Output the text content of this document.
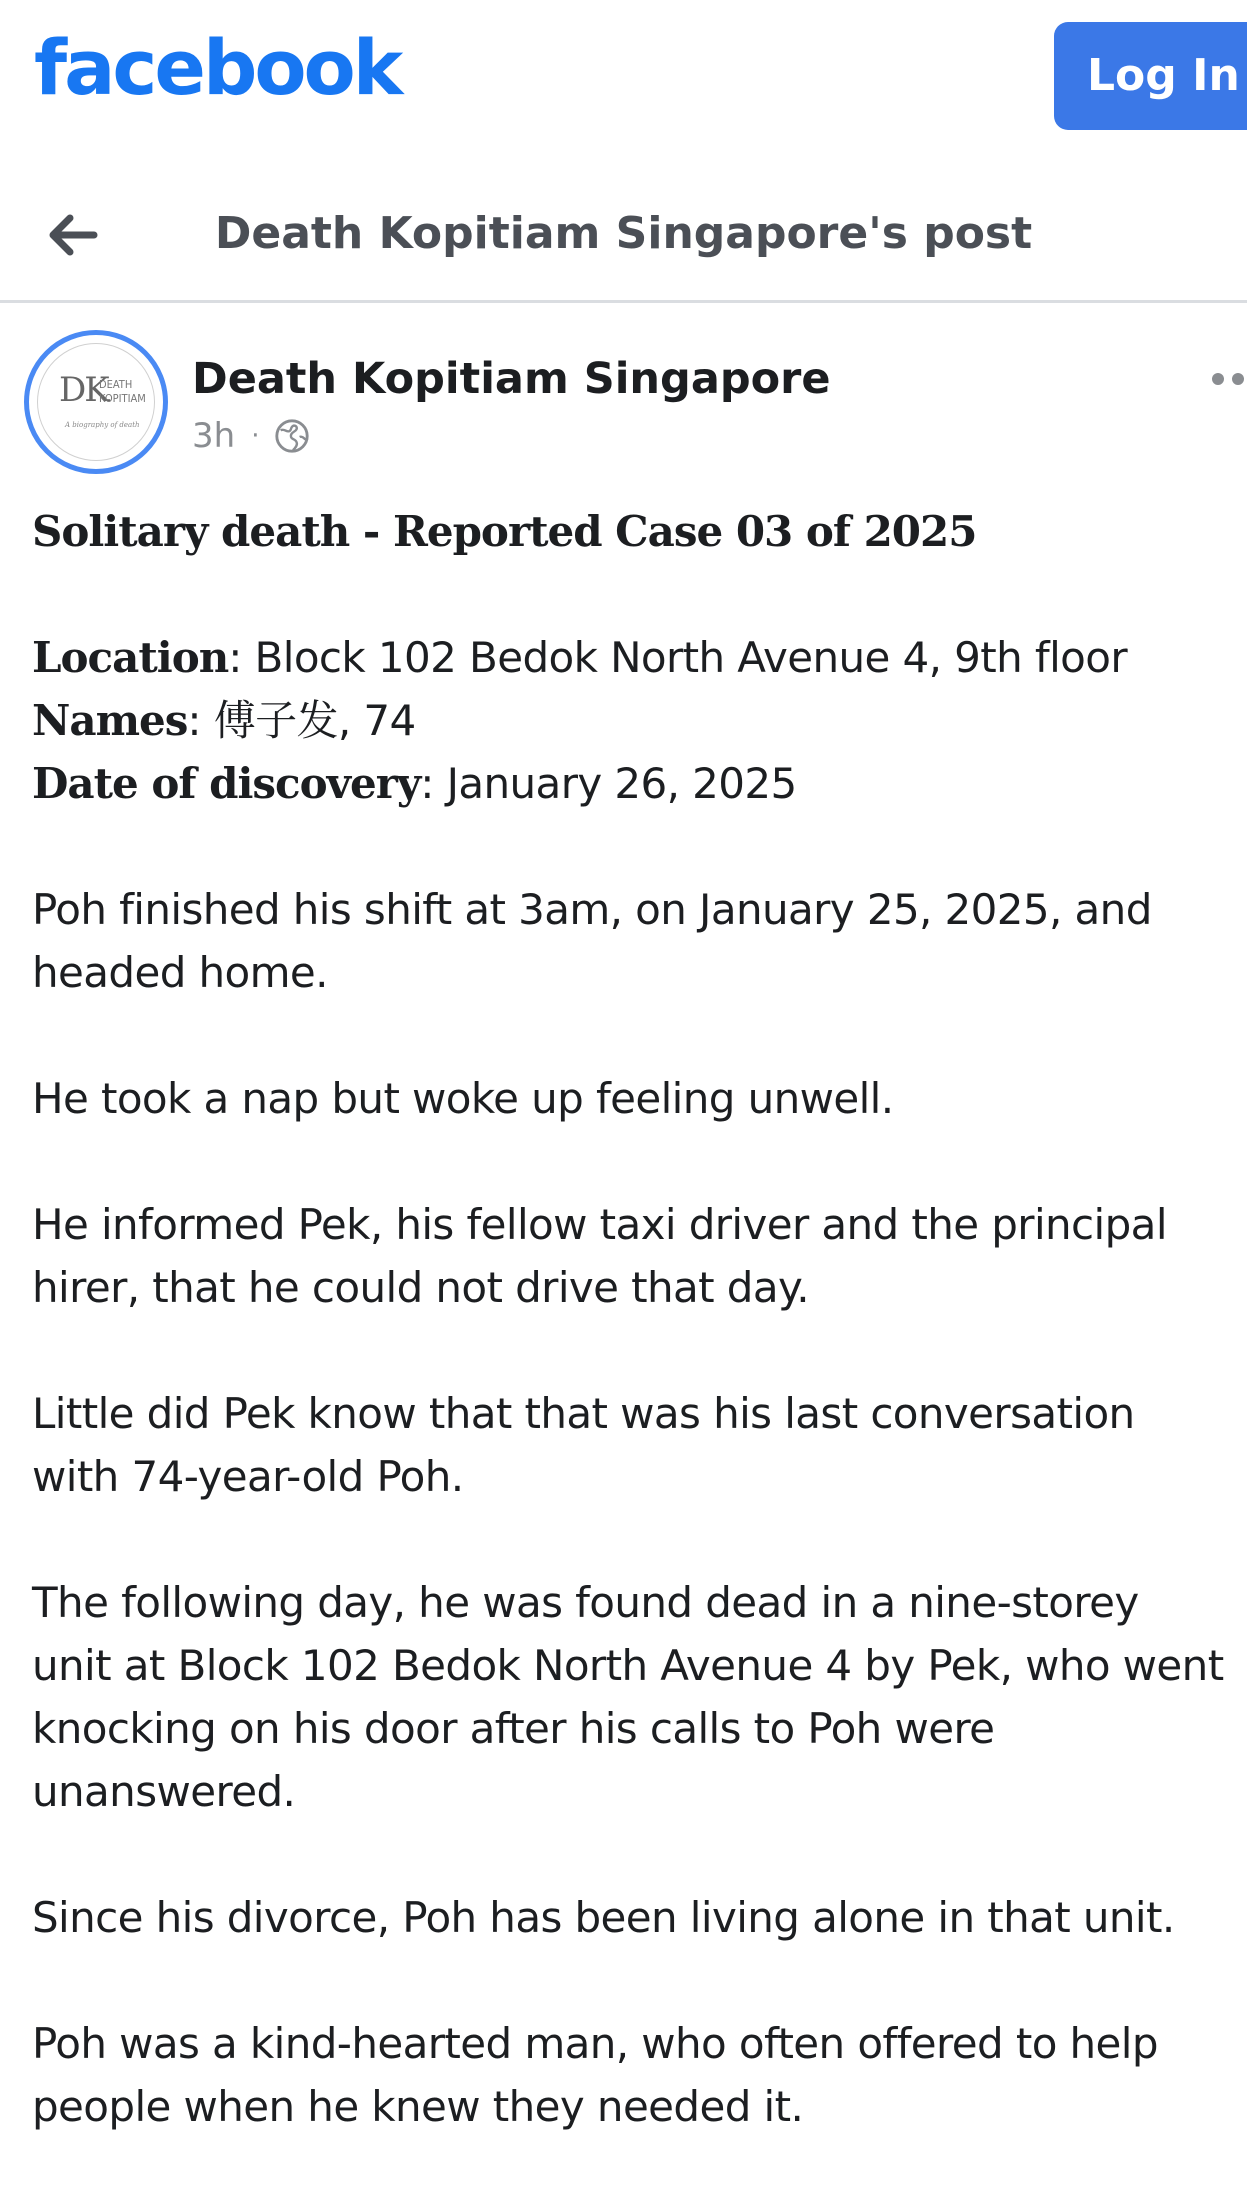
facebook	Log In
Death Kopitiam Singapore's post
DK
DEATH
KOPITIAM
A biography of death
Death Kopitiam Singapore
3h ·
Solitary death - Reported Case 03 of 2025
Location: Block 102 Bedok North Avenue 4, 9th floor
Names: 傅子发, 74
Date of discovery: January 26, 2025
Poh finished his shift at 3am, on January 25, 2025, and
headed home.
He took a nap but woke up feeling unwell.
He informed Pek, his fellow taxi driver and the principal
hirer, that he could not drive that day.
Little did Pek know that that was his last conversation
with 74-year-old Poh.
The following day, he was found dead in a nine-storey
unit at Block 102 Bedok North Avenue 4 by Pek, who went
knocking on his door after his calls to Poh were
unanswered.
Since his divorce, Poh has been living alone in that unit.
Poh was a kind-hearted man, who often offered to help
people when he knew they needed it.
